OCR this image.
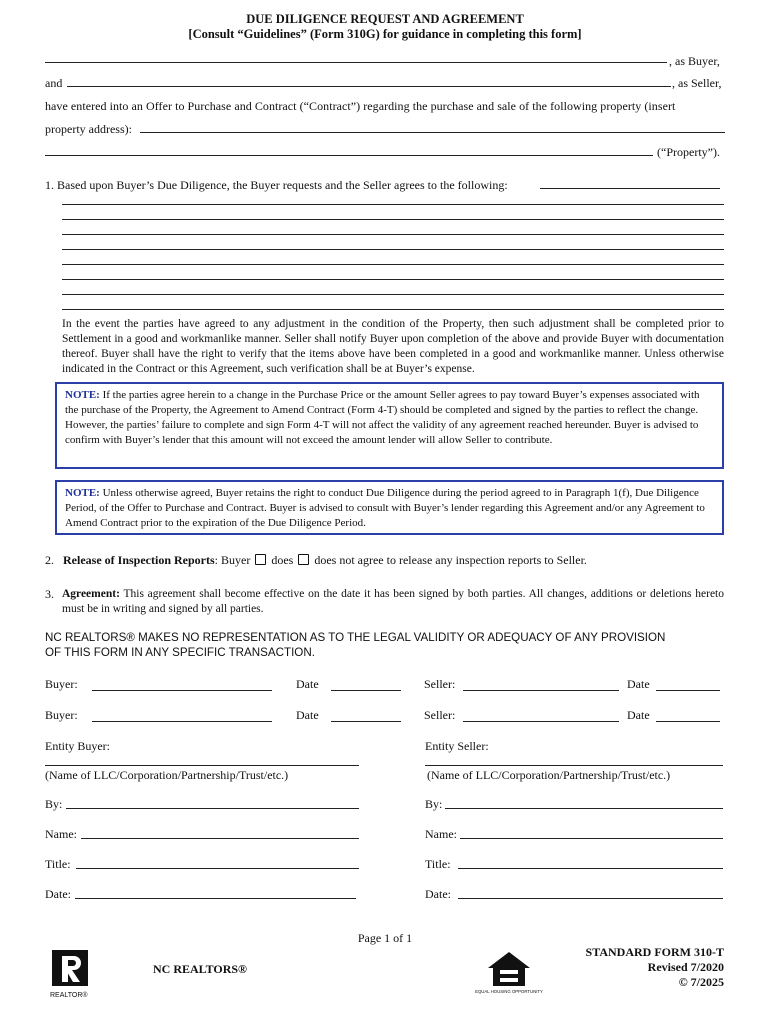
DUE DILIGENCE REQUEST AND AGREEMENT
[Consult “Guidelines” (Form 310G) for guidance in completing this form]
, as Buyer,
and	, as Seller,
have entered into an Offer to Purchase and Contract (“Contract”) regarding the purchase and sale of the following property (insert
property address):
(“Property”).
1. Based upon Buyer’s Due Diligence, the Buyer requests and the Seller agrees to the following:
In the event the parties have agreed to any adjustment in the condition of the Property, then such adjustment shall be completed prior to Settlement in a good and workmanlike manner. Seller shall notify Buyer upon completion of the above and provide Buyer with documentation thereof. Buyer shall have the right to verify that the items above have been completed in a good and workmanlike manner. Unless otherwise indicated in the Contract or this Agreement, such verification shall be at Buyer’s expense.
NOTE: If the parties agree herein to a change in the Purchase Price or the amount Seller agrees to pay toward Buyer’s expenses associated with the purchase of the Property, the Agreement to Amend Contract (Form 4-T) should be completed and signed by the parties to reflect the change. However, the parties’ failure to complete and sign Form 4-T will not affect the validity of any agreement reached hereunder. Buyer is advised to confirm with Buyer’s lender that this amount will not exceed the amount lender will allow Seller to contribute.
NOTE: Unless otherwise agreed, Buyer retains the right to conduct Due Diligence during the period agreed to in Paragraph 1(f), Due Diligence Period, of the Offer to Purchase and Contract. Buyer is advised to consult with Buyer’s lender regarding this Agreement and/or any Agreement to Amend Contract prior to the expiration of the Due Diligence Period.
2. Release of Inspection Reports: Buyer does does not agree to release any inspection reports to Seller.
3. Agreement: This agreement shall become effective on the date it has been signed by both parties. All changes, additions or deletions hereto must be in writing and signed by all parties.
NC REALTORS® MAKES NO REPRESENTATION AS TO THE LEGAL VALIDITY OR ADEQUACY OF ANY PROVISION
OF THIS FORM IN ANY SPECIFIC TRANSACTION.
Buyer:	Date	Seller:	Date
Buyer:	Date	Seller:	Date
Entity Buyer:
(Name of LLC/Corporation/Partnership/Trust/etc.)
Entity Seller:
(Name of LLC/Corporation/Partnership/Trust/etc.)
By:	By:
Name:	Name:
Title:	Title:
Date:	Date:
Page 1 of 1
REALTOR®
NC REALTORS®
EQUAL HOUSING OPPORTUNITY
STANDARD FORM 310-T
Revised 7/2020
© 7/2025
